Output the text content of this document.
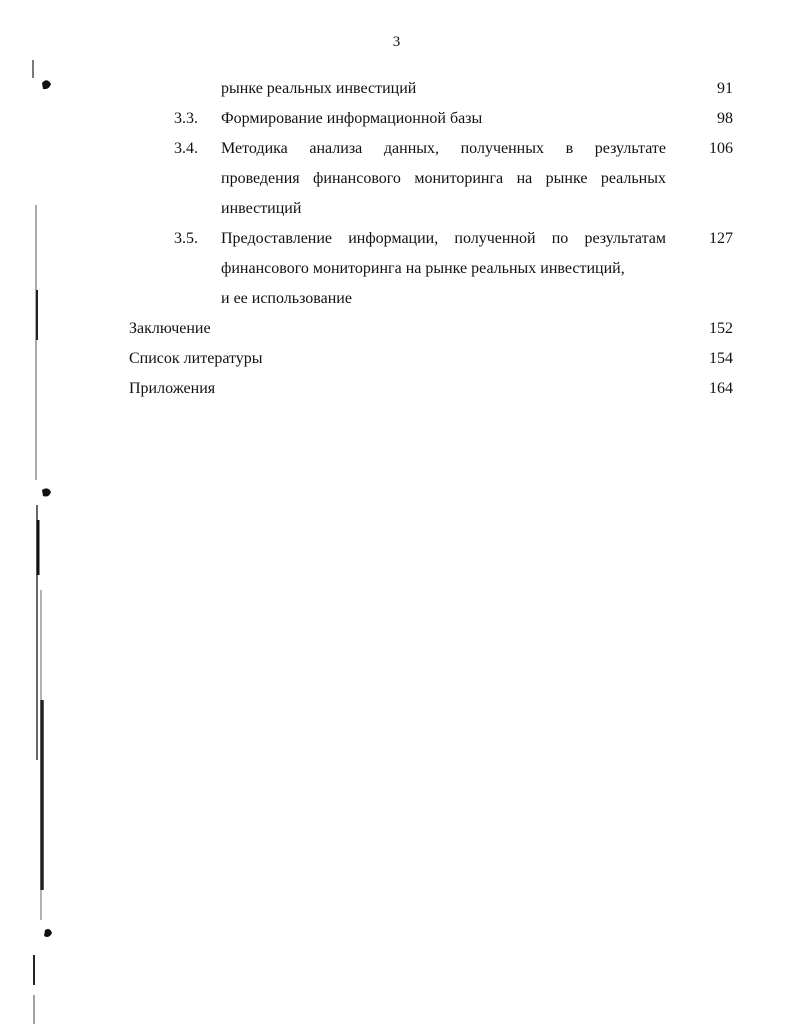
3
рынке реальных инвестиций	91
3.3. Формирование информационной базы	98
3.4. Методика анализа данных, полученных в результате	106
проведения финансового мониторинга на рынке реальных
инвестиций
3.5. Предоставление информации, полученной по результатам	127
финансового мониторинга на рынке реальных инвестиций,
и ее использование
Заключение	152
Список литературы	154
Приложения	164
